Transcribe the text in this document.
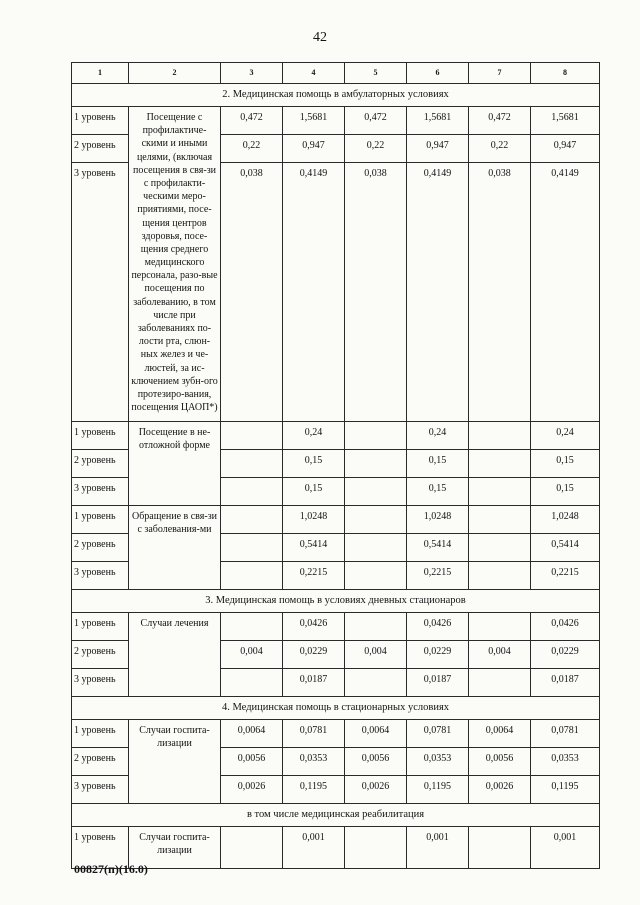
42
1	2	3	4	5	6	7	8
2. Медицинская помощь в амбулаторных условиях							
1 уровень	Посещение с профилактиче-скими и иными целями, (включая посещения в свя-зи с профилакти-ческими меро-приятиями, посе-щения центров здоровья, посе-щения среднего медицинского персонала, разо-вые посещения по заболеванию, в том числе при заболеваниях по-лости рта, слюн-ных желез и че-люстей, за ис-ключением зубн-ого протезиро-вания, посещения ЦАОП*)	0,472	1,5681	0,472	1,5681	0,472	1,5681
2 уровень		0,22	0,947	0,22	0,947	0,22	0,947
3 уровень		0,038	0,4149	0,038	0,4149	0,038	0,4149
1 уровень	Посещение в не-отложной форме		0,24		0,24		0,24
2 уровень			0,15		0,15		0,15
3 уровень			0,15		0,15		0,15
1 уровень	Обращение в свя-зи с заболевания-ми		1,0248		1,0248		1,0248
2 уровень			0,5414		0,5414		0,5414
3 уровень			0,2215		0,2215		0,2215
3. Медицинская помощь в условиях дневных стационаров							
1 уровень	Случаи лечения		0,0426		0,0426		0,0426
2 уровень		0,004	0,0229	0,004	0,0229	0,004	0,0229
3 уровень			0,0187		0,0187		0,0187
4. Медицинская помощь в стационарных условиях							
1 уровень	Случаи госпита-лизации	0,0064	0,0781	0,0064	0,0781	0,0064	0,0781
2 уровень		0,0056	0,0353	0,0056	0,0353	0,0056	0,0353
3 уровень		0,0026	0,1195	0,0026	0,1195	0,0026	0,1195
в том числе медицинская реабилитация							
1 уровень	Случаи госпита-лизации		0,001		0,001		0,001
00827(п)(16.0)
